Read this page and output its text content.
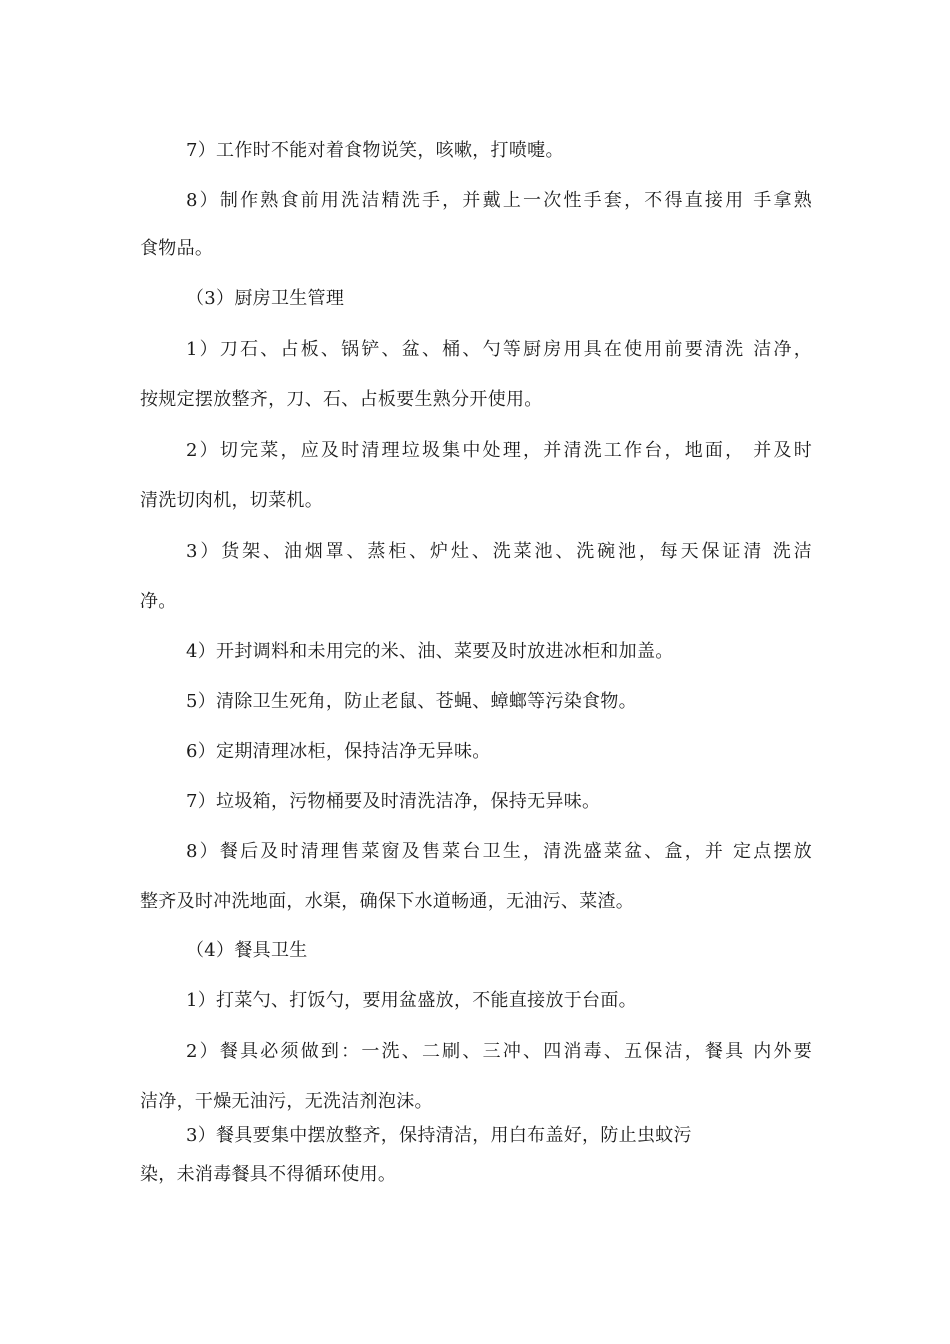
7）工作时不能对着食物说笑，咳嗽，打喷嚏。
8）制作熟食前用洗洁精洗手，并戴上一次性手套，不得直接用 手拿熟
食物品。
（3）厨房卫生管理
1）刀石、占板、锅铲、盆、桶、勺等厨房用具在使用前要清洗 洁净，
按规定摆放整齐，刀、石、占板要生熟分开使用。
2）切完菜，应及时清理垃圾集中处理，并清洗工作台，地面， 并及时
清洗切肉机，切菜机。
3）货架、油烟罩、蒸柜、炉灶、洗菜池、洗碗池，每天保证清 洗洁
净。
4）开封调料和未用完的米、油、菜要及时放进冰柜和加盖。
5）清除卫生死角，防止老鼠、苍蝇、蟑螂等污染食物。
6）定期清理冰柜，保持洁净无异味。
7）垃圾箱，污物桶要及时清洗洁净，保持无异味。
8）餐后及时清理售菜窗及售菜台卫生，清洗盛菜盆、盒，并 定点摆放
整齐及时冲洗地面，水渠，确保下水道畅通，无油污、菜渣。
（4）餐具卫生
1）打菜勺、打饭勺，要用盆盛放，不能直接放于台面。
2）餐具必须做到：一洗、二刷、三冲、四消毒、五保洁，餐具 内外要
洁净，干燥无油污，无洗洁剂泡沫。
3）餐具要集中摆放整齐，保持清洁，用白布盖好，防止虫蚊污
染，未消毒餐具不得循环使用。
